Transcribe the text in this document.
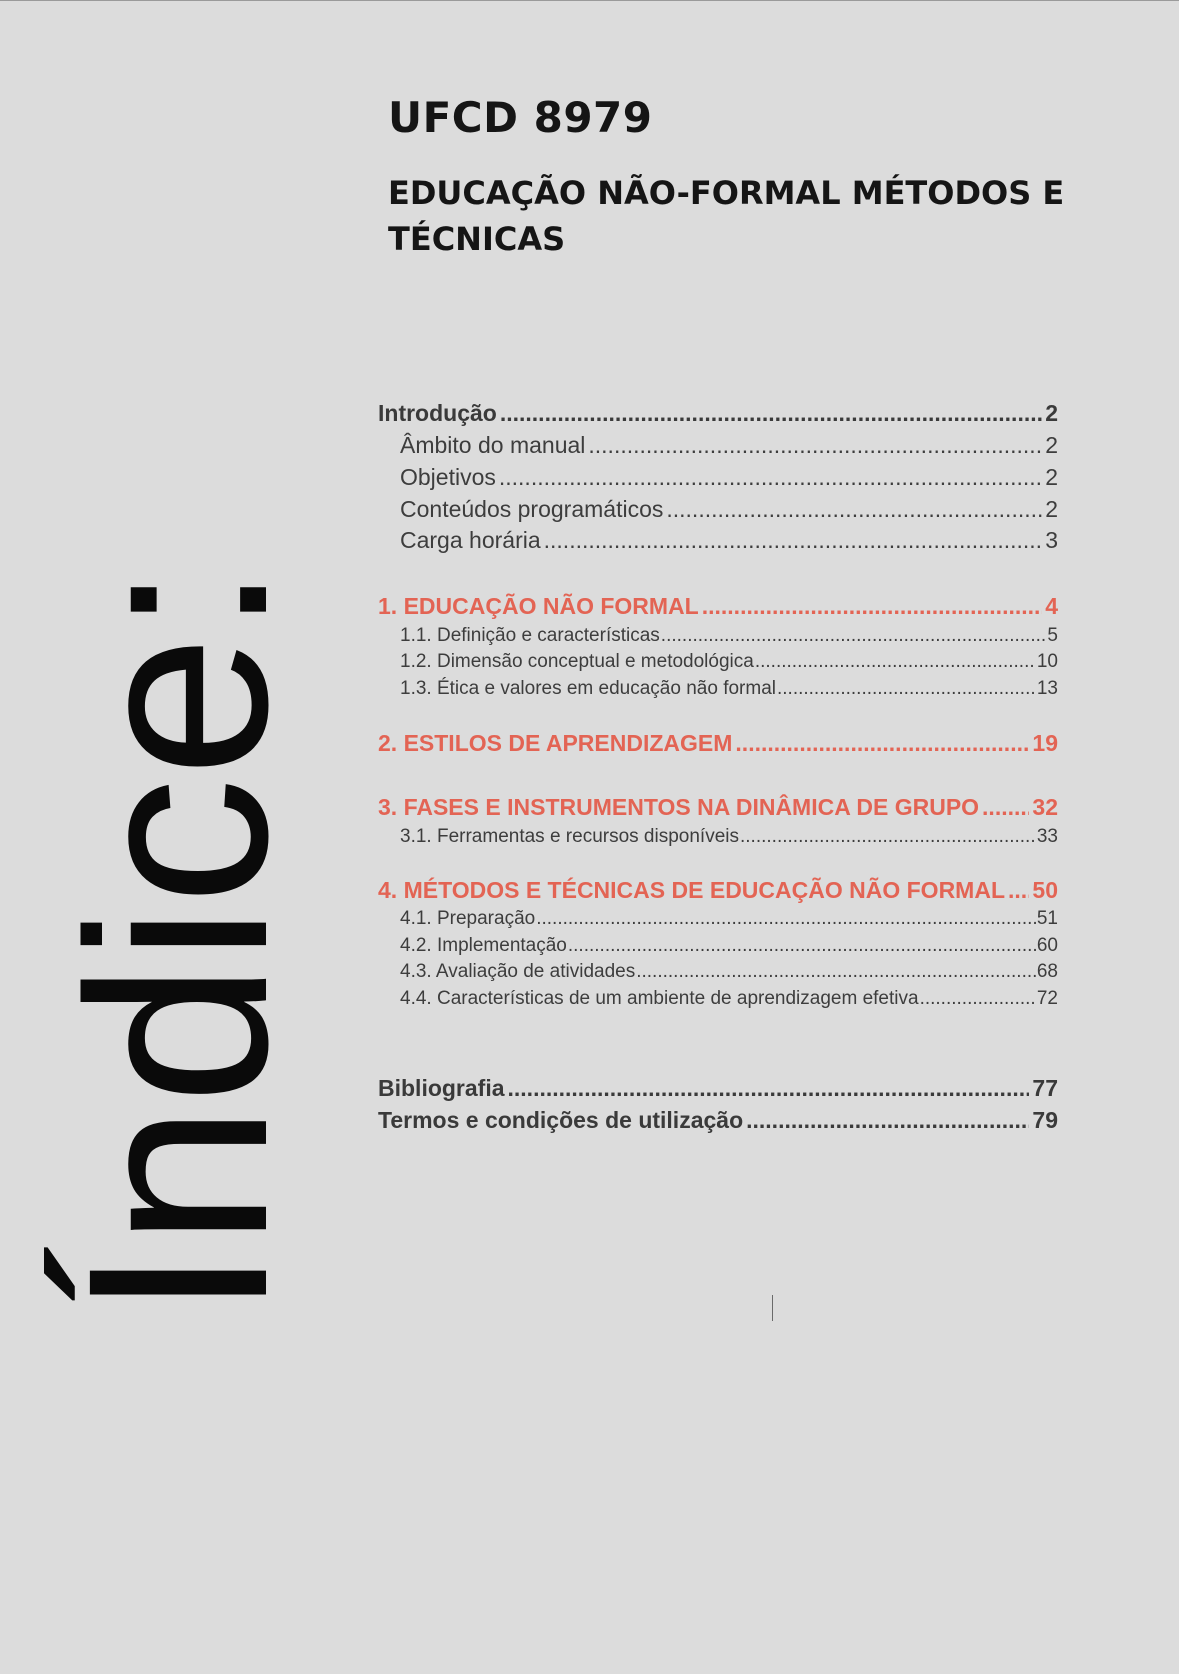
UFCD 8979
EDUCAÇÃO NÃO-FORMAL MÉTODOS E TÉCNICAS
Índice:
Introdução .....	2
Âmbito do manual .....	2
Objetivos .....	2
Conteúdos programáticos .....	2
Carga horária .....	3
1. EDUCAÇÃO NÃO FORMAL .....	4
1.1. Definição e características .....	5
1.2. Dimensão conceptual e metodológica .....	10
1.3. Ética e valores em educação não formal .....	13
2. ESTILOS DE APRENDIZAGEM .....	19
3. FASES E INSTRUMENTOS NA DINÂMICA DE GRUPO ..... 32
3.1. Ferramentas e recursos disponíveis .....	33
4. MÉTODOS E TÉCNICAS DE EDUCAÇÃO NÃO FORMAL ..... 50
4.1. Preparação .....	51
4.2. Implementação .....	60
4.3. Avaliação de atividades .....	68
4.4. Características de um ambiente de aprendizagem efetiva .....	72
Bibliografia .....	77
Termos e condições de utilização .....	79
